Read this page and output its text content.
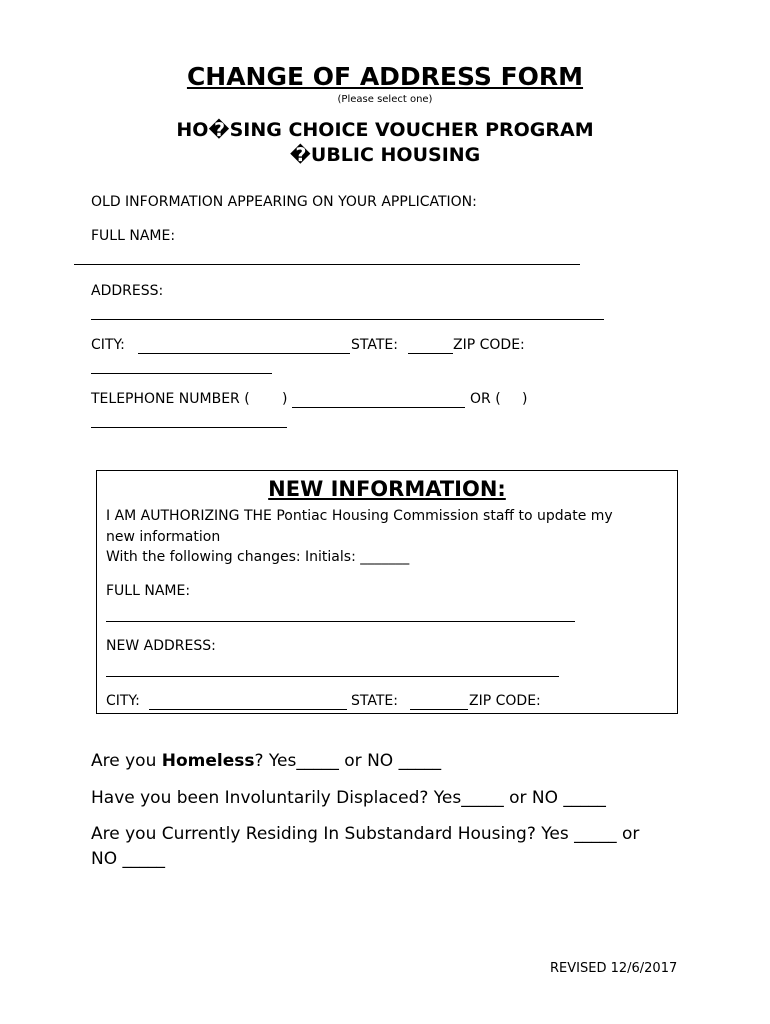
CHANGE OF ADDRESS FORM
(Please select one)
HO�SING CHOICE VOUCHER PROGRAM
�UBLIC HOUSING
OLD INFORMATION APPEARING ON YOUR APPLICATION:
FULL NAME:
ADDRESS:
CITY:	STATE:	ZIP CODE:
TELEPHONE NUMBER ( )	OR ( )
NEW INFORMATION:
I AM AUTHORIZING THE Pontiac Housing Commission staff to update my
new information
With the following changes: Initials: _______
FULL NAME:
NEW ADDRESS:
CITY:	STATE:	ZIP CODE:
Are you Homeless? Yes_____ or NO _____
Have you been Involuntarily Displaced? Yes_____ or NO _____
Are you Currently Residing In Substandard Housing? Yes _____ or
NO _____
REVISED 12/6/2017
